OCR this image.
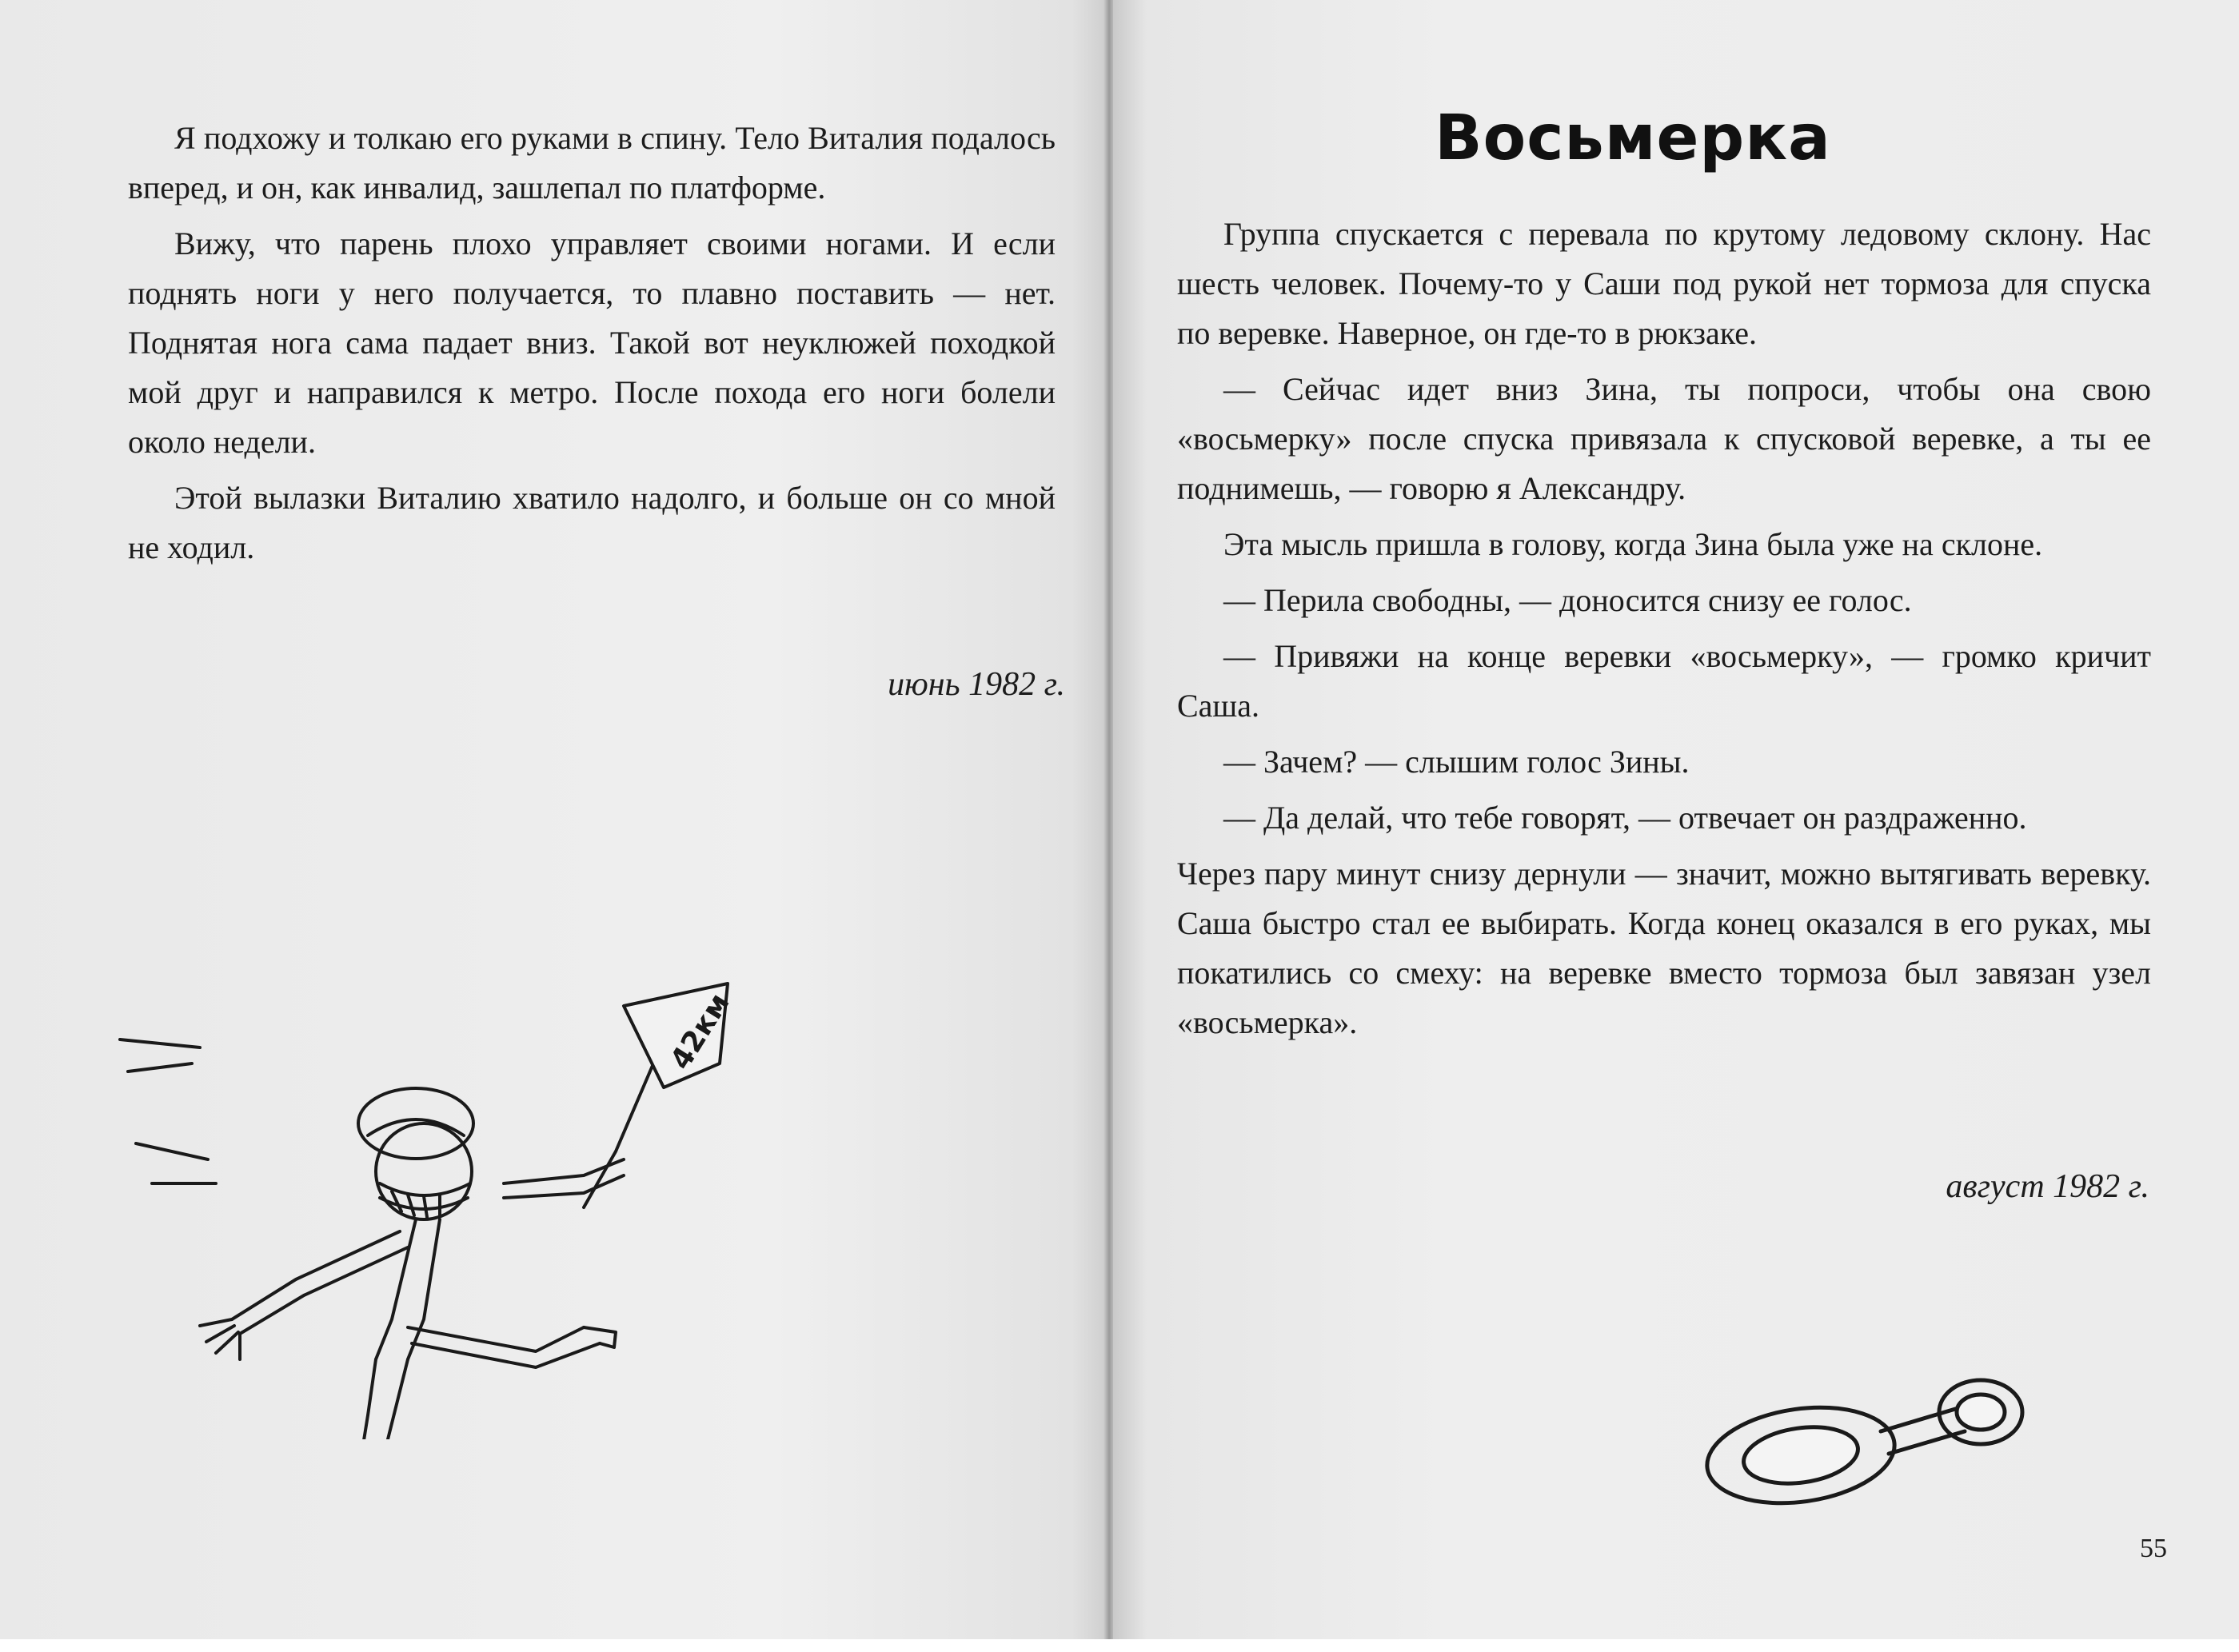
Я подхожу и толкаю его руками в спину. Тело Виталия подалось вперед, и он, как инвалид, зашлепал по платформе.

Вижу, что парень плохо управляет своими ногами. И если поднять ноги у него получается, то плавно поставить — нет. Поднятая нога сама падает вниз. Такой вот неуклюжей походкой мой друг и направился к метро. После похода его ноги болели около недели.

Этой вылазки Виталию хватило надолго, и больше он со мной не ходил.

июнь 1982 г.
42км
Восьмерка

Группа спускается с перевала по крутому ледовому склону. Нас шесть человек. Почему-то у Саши под рукой нет тормоза для спуска по веревке. Наверное, он где-то в рюкзаке.

— Сейчас идет вниз Зина, ты попроси, чтобы она свою «восьмерку» после спуска привязала к спусковой веревке, а ты ее поднимешь, — говорю я Александру.

Эта мысль пришла в голову, когда Зина была уже на склоне.

— Перила свободны, — доносится снизу ее голос.

— Привяжи на конце веревки «восьмерку», — громко кричит Саша.

— Зачем? — слышим голос Зины.

— Да делай, что тебе говорят, — отвечает он раздраженно.

Через пару минут снизу дернули — значит, можно вытягивать веревку. Саша быстро стал ее выбирать. Когда конец оказался в его руках, мы покатились со смеху: на веревке вместо тормоза был завязан узел «восьмерка».

август 1982 г.
55
